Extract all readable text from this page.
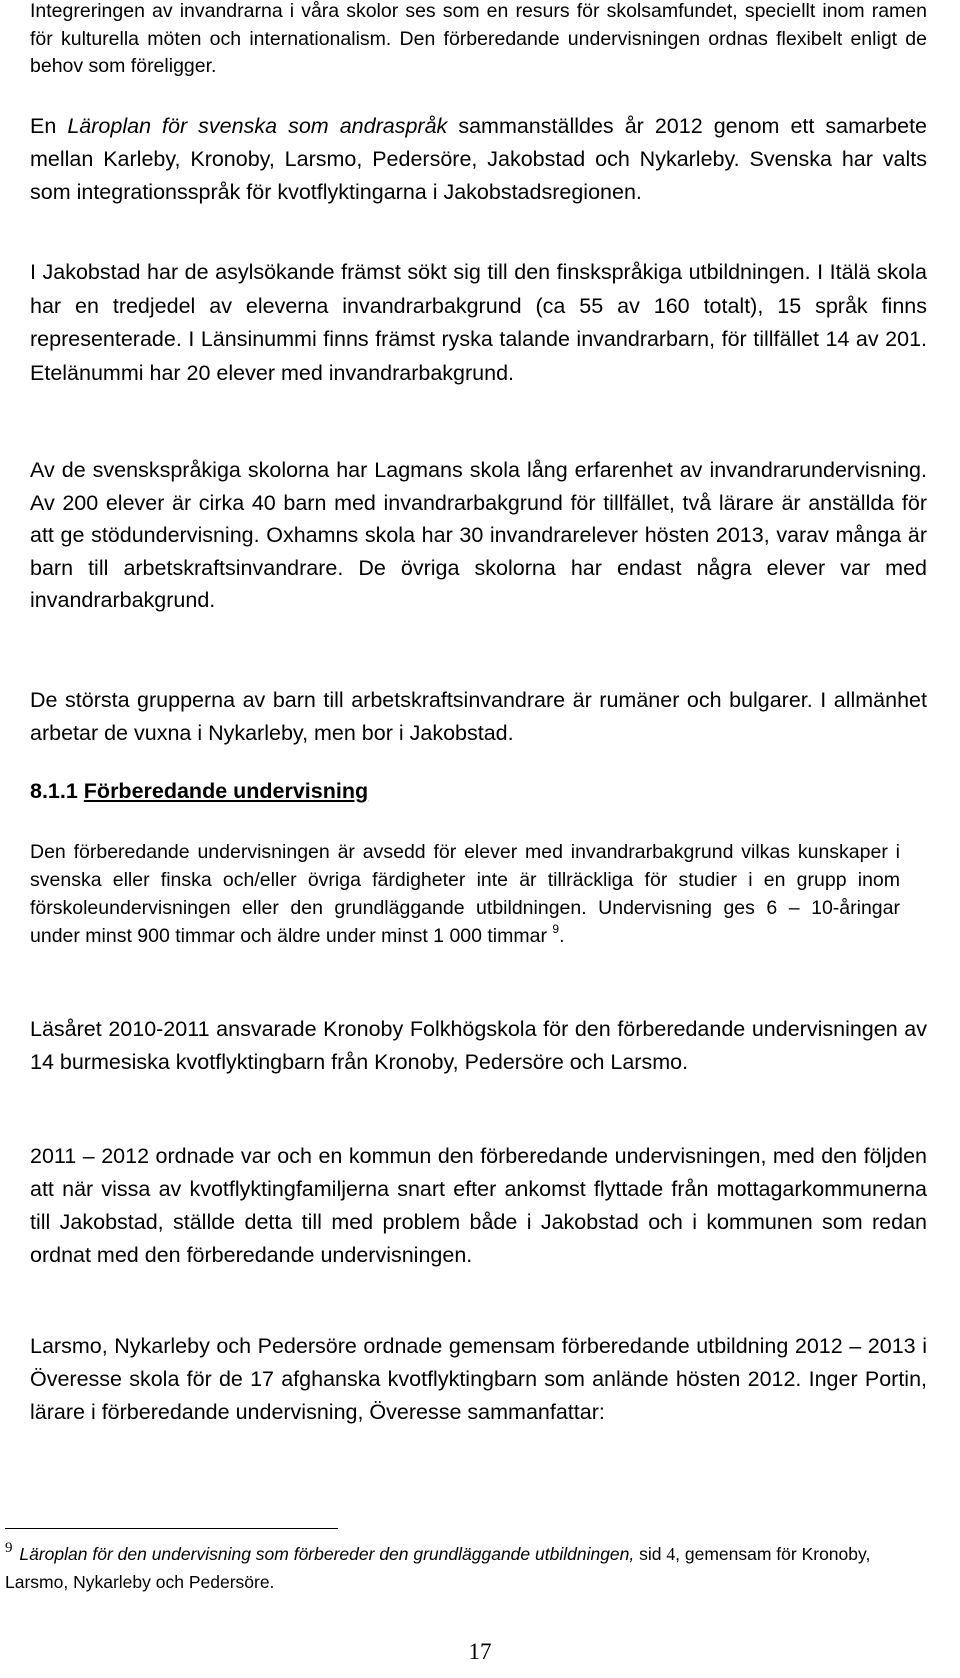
Integreringen av invandrarna i våra skolor ses som en resurs för skolsamfundet, speciellt inom ramen för kulturella möten och internationalism. Den förberedande undervisningen ordnas flexibelt enligt de behov som föreligger.

En Läroplan för svenska som andraspråk sammanställdes år 2012 genom ett samarbete mellan Karleby, Kronoby, Larsmo, Pedersöre, Jakobstad och Nykarleby. Svenska har valts som integrationsspråk för kvotflyktingarna i Jakobstadsregionen.

I Jakobstad har de asylsökande främst sökt sig till den finskspråkiga utbildningen. I Itälä skola har en tredjedel av eleverna invandrarbakgrund (ca 55 av 160 totalt), 15 språk finns representerade. I Länsinummi finns främst ryska talande invandrarbarn, för tillfället 14 av 201. Etelänummi har 20 elever med invandrarbakgrund.

Av de svenskspråkiga skolorna har Lagmans skola lång erfarenhet av invandrarundervisning. Av 200 elever är cirka 40 barn med invandrarbakgrund för tillfället, två lärare är anställda för att ge stödundervisning. Oxhamns skola har 30 invandrarelever hösten 2013, varav många är barn till arbetskraftsinvandrare. De övriga skolorna har endast några elever var med invandrarbakgrund.

De största grupperna av barn till arbetskraftsinvandrare är rumäner och bulgarer. I allmänhet arbetar de vuxna i Nykarleby, men bor i Jakobstad.

8.1.1 Förberedande undervisning

Den förberedande undervisningen är avsedd för elever med invandrarbakgrund vilkas kunskaper i svenska eller finska och/eller övriga färdigheter inte är tillräckliga för studier i en grupp inom förskoleundervisningen eller den grundläggande utbildningen. Undervisning ges 6 – 10-åringar under minst 900 timmar och äldre under minst 1 000 timmar $^9$.

Läsåret 2010-2011 ansvarade Kronoby Folkhögskola för den förberedande undervisningen av 14 burmesiska kvotflyktingbarn från Kronoby, Pedersöre och Larsmo.

2011 – 2012 ordnade var och en kommun den förberedande undervisningen, med den följden att när vissa av kvotflyktingfamiljerna snart efter ankomst flyttade från mottagarkommunerna till Jakobstad, ställde detta till med problem både i Jakobstad och i kommunen som redan ordnat med den förberedande undervisningen.

Larsmo, Nykarleby och Pedersöre ordnade gemensam förberedande utbildning 2012 – 2013 i Överesse skola för de 17 afghanska kvotflyktingbarn som anlände hösten 2012. Inger Portin, lärare i förberedande undervisning, Överesse sammanfattar:

$^9$ Läroplan för den undervisning som förbereder den grundläggande utbildningen, sid 4, gemensam för Kronoby, Larsmo, Nykarleby och Pedersöre.

17
